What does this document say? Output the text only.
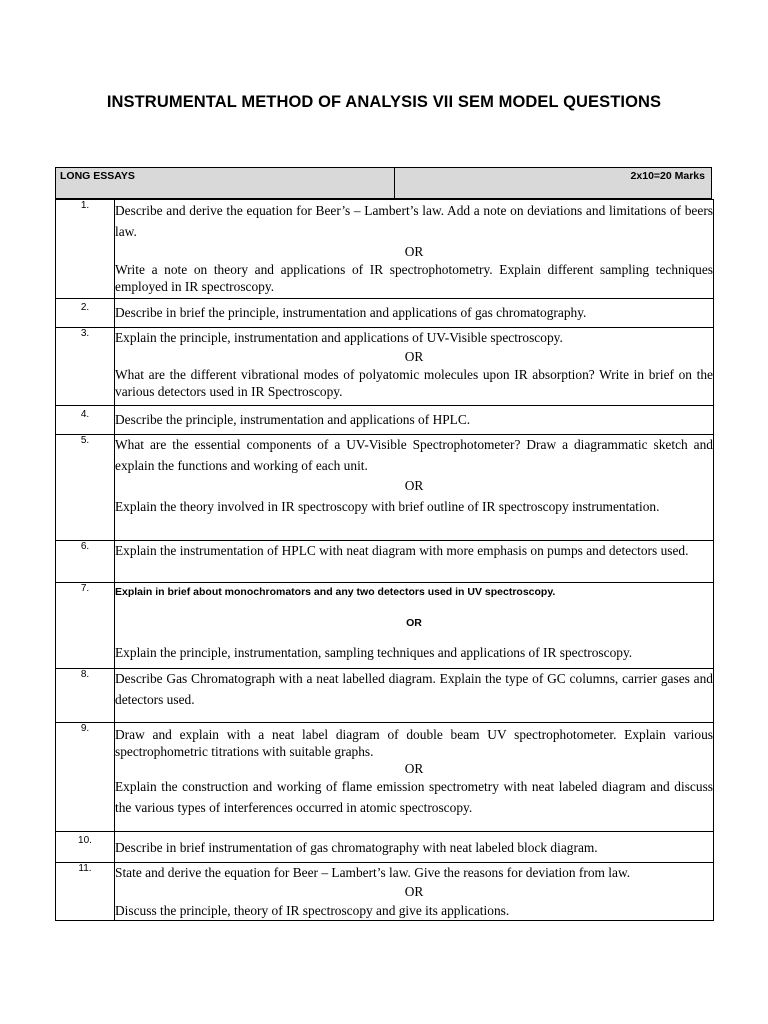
INSTRUMENTAL METHOD OF ANALYSIS VII SEM MODEL QUESTIONS
LONG ESSAYS	2x10=20 Marks
1.	Describe and derive the equation for Beer’s – Lambert’s law. Add a note on deviations and limitations of beers law.
OR
Write a note on theory and applications of IR spectrophotometry. Explain different sampling techniques employed in IR spectroscopy.

2.	Describe in brief the principle, instrumentation and applications of gas chromatography.

3.	Explain the principle, instrumentation and applications of UV-Visible spectroscopy.
OR
What are the different vibrational modes of polyatomic molecules upon IR absorption? Write in brief on the various detectors used in IR Spectroscopy.

4.	Describe the principle, instrumentation and applications of HPLC.

5.	What are the essential components of a UV-Visible Spectrophotometer? Draw a diagrammatic sketch and explain the functions and working of each unit.
OR
Explain the theory involved in IR spectroscopy with brief outline of IR spectroscopy instrumentation.

6.	Explain the instrumentation of HPLC with neat diagram with more emphasis on pumps and detectors used.

7.	Explain in brief about monochromators and any two detectors used in UV spectroscopy.
OR
Explain the principle, instrumentation, sampling techniques and applications of IR spectroscopy.

8.	Describe Gas Chromatograph with a neat labelled diagram. Explain the type of GC columns, carrier gases and detectors used.

9.	Draw and explain with a neat label diagram of double beam UV spectrophotometer. Explain various spectrophometric titrations with suitable graphs.
OR
Explain the construction and working of flame emission spectrometry with neat labeled diagram and discuss the various types of interferences occurred in atomic spectroscopy.

10.	Describe in brief instrumentation of gas chromatography with neat labeled block diagram.

11.	State and derive the equation for Beer – Lambert’s law. Give the reasons for deviation from law.
OR
Discuss the principle, theory of IR spectroscopy and give its applications.
